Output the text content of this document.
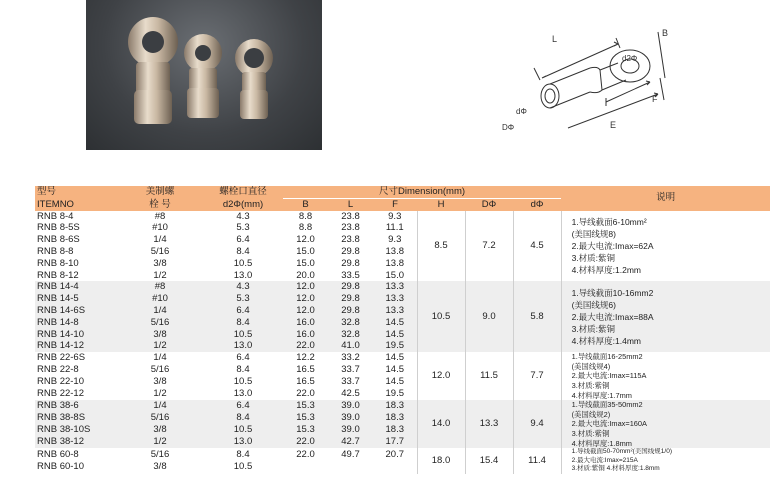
L
B
F
E
d2Φ
dΦ
DΦ
型号	美制螺	螺栓口直径	尺寸Dimension(mm)						说明
ITEMNO	栓 号	d2Φ(mm)	B	L	F	H	DΦ	dΦ	
RNB 8-4	#8	4.3	8.8	23.8	9.3	8.5	7.2	4.5	1.导线截面6-10mm²
(美国线规8)
2.最大电流:Imax=62A
3.材质:紫铜
4.材料厚度:1.2mm

RNB 8-5S	#10	5.3	8.8	23.8	11.1				
RNB 8-6S	1/4	6.4	12.0	23.8	9.3				
RNB 8-8	5/16	8.4	15.0	29.8	13.8				
RNB 8-10	3/8	10.5	15.0	29.8	13.8				
RNB 8-12	1/2	13.0	20.0	33.5	15.0				
RNB 14-4	#8	4.3	12.0	29.8	13.3	10.5	9.0	5.8	1.导线截面10-16mm2
(美国线规6)
2.最大电流:Imax=88A
3.材质:紫铜
4.材料厚度:1.4mm

RNB 14-5	#10	5.3	12.0	29.8	13.3				
RNB 14-6S	1/4	6.4	12.0	29.8	13.3				
RNB 14-8	5/16	8.4	16.0	32.8	14.5				
RNB 14-10	3/8	10.5	16.0	32.8	14.5				
RNB 14-12	1/2	13.0	22.0	41.0	19.5				
RNB 22-6S	1/4	6.4	12.2	33.2	14.5	12.0	11.5	7.7	1.导线截面16-25mm2
(美国线规4)
2.最大电流:Imax=115A
3.材质:紫铜
4.材料厚度:1.7mm

RNB 22-8	5/16	8.4	16.5	33.7	14.5				
RNB 22-10	3/8	10.5	16.5	33.7	14.5				
RNB 22-12	1/2	13.0	22.0	42.5	19.5				
RNB 38-6	1/4	6.4	15.3	39.0	18.3	14.0	13.3	9.4	1.导线截面35-50mm2
(美国线规2)
2.最大电流:Imax=160A
3.材质:紫铜
4.材料厚度:1.8mm

RNB 38-8S	5/16	8.4	15.3	39.0	18.3				
RNB 38-10S	3/8	10.5	15.3	39.0	18.3				
RNB 38-12	1/2	13.0	22.0	42.7	17.7				
RNB 60-8	5/16	8.4	22.0	49.7	20.7	18.0	15.4	11.4	1.导线截面50-70mm²(美国线规1/0)
2.最大电流:Imax=215A
3.材质:紫铜 4.材料厚度:1.8mm

RNB 60-10	3/8	10.5							
